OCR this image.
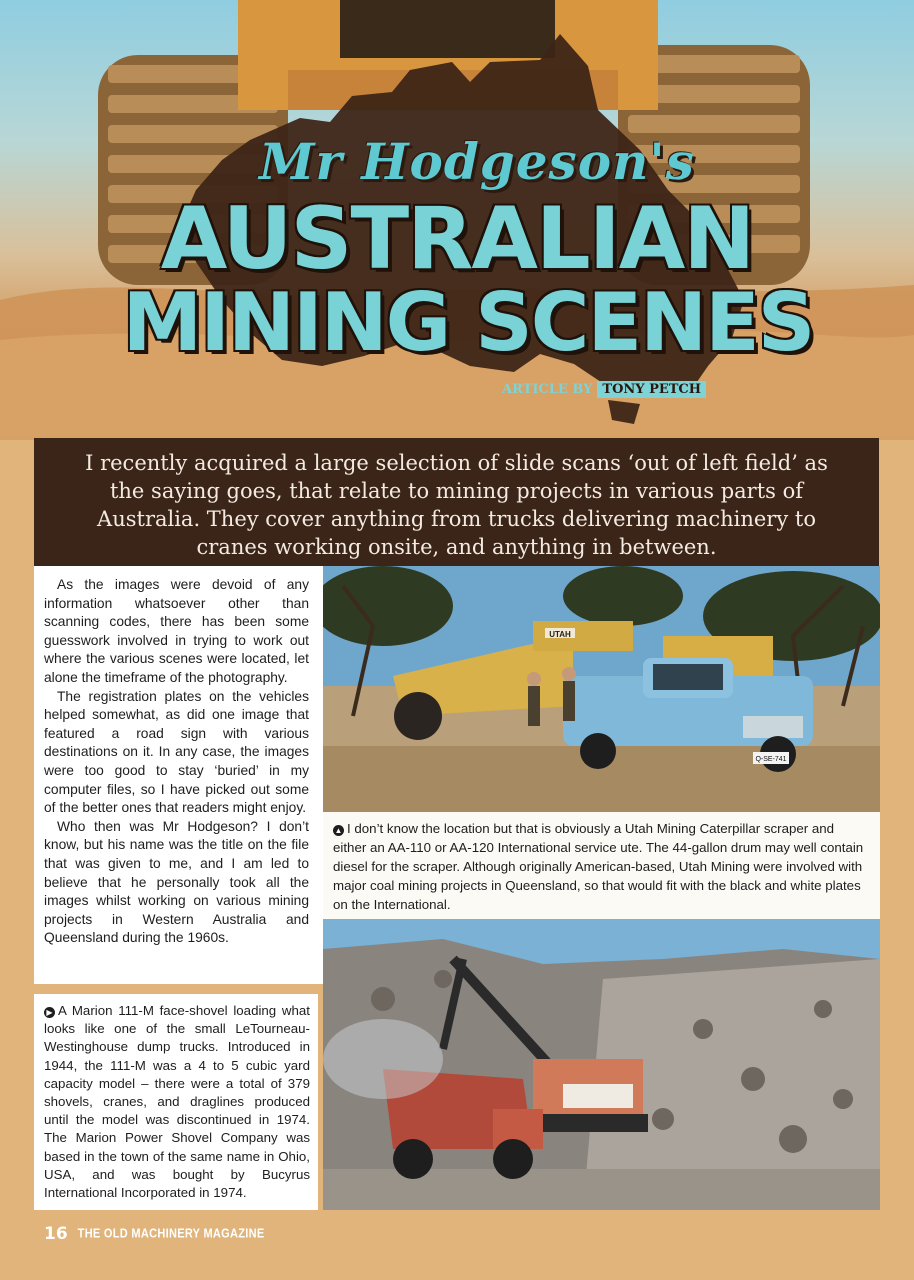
Mr Hodgeson's
AUSTRALIAN
MINING SCENES
ARTICLE BY TONY PETCH
I recently acquired a large selection of slide scans ‘out of left field’ as the saying goes, that relate to mining projects in various parts of Australia. They cover anything from trucks delivering machinery to cranes working onsite, and anything in between.

As the images were devoid of any information whatsoever other than scanning codes, there has been some guesswork involved in trying to work out where the various scenes were located, let alone the timeframe of the photography.

The registration plates on the vehicles helped somewhat, as did one image that featured a road sign with various destinations on it. In any case, the images were too good to stay ‘buried’ in my computer files, so I have picked out some of the better ones that readers might enjoy.

Who then was Mr Hodgeson? I don’t know, but his name was the title on the file that was given to me, and I am led to believe that he personally took all the images whilst working on various mining projects in Western Australia and Queensland during the 1960s.

▶ A Marion 111-M face-shovel loading what looks like one of the small LeTourneau-Westinghouse dump trucks. Introduced in 1944, the 111-M was a 4 to 5 cubic yard capacity model – there were a total of 379 shovels, cranes, and draglines produced until the model was discontinued in 1974. The Marion Power Shovel Company was based in the town of the same name in Ohio, USA, and was bought by Bucyrus International Incorporated in 1974.
UTAH
Q-SE-741
▲ I don’t know the location but that is obviously a Utah Mining Caterpillar scraper and either an AA-110 or AA-120 International service ute. The 44-gallon drum may well contain diesel for the scraper. Although originally American-based, Utah Mining were involved with major coal mining projects in Queensland, so that would fit with the black and white plates on the International.
16 THE OLD MACHINERY MAGAZINE
